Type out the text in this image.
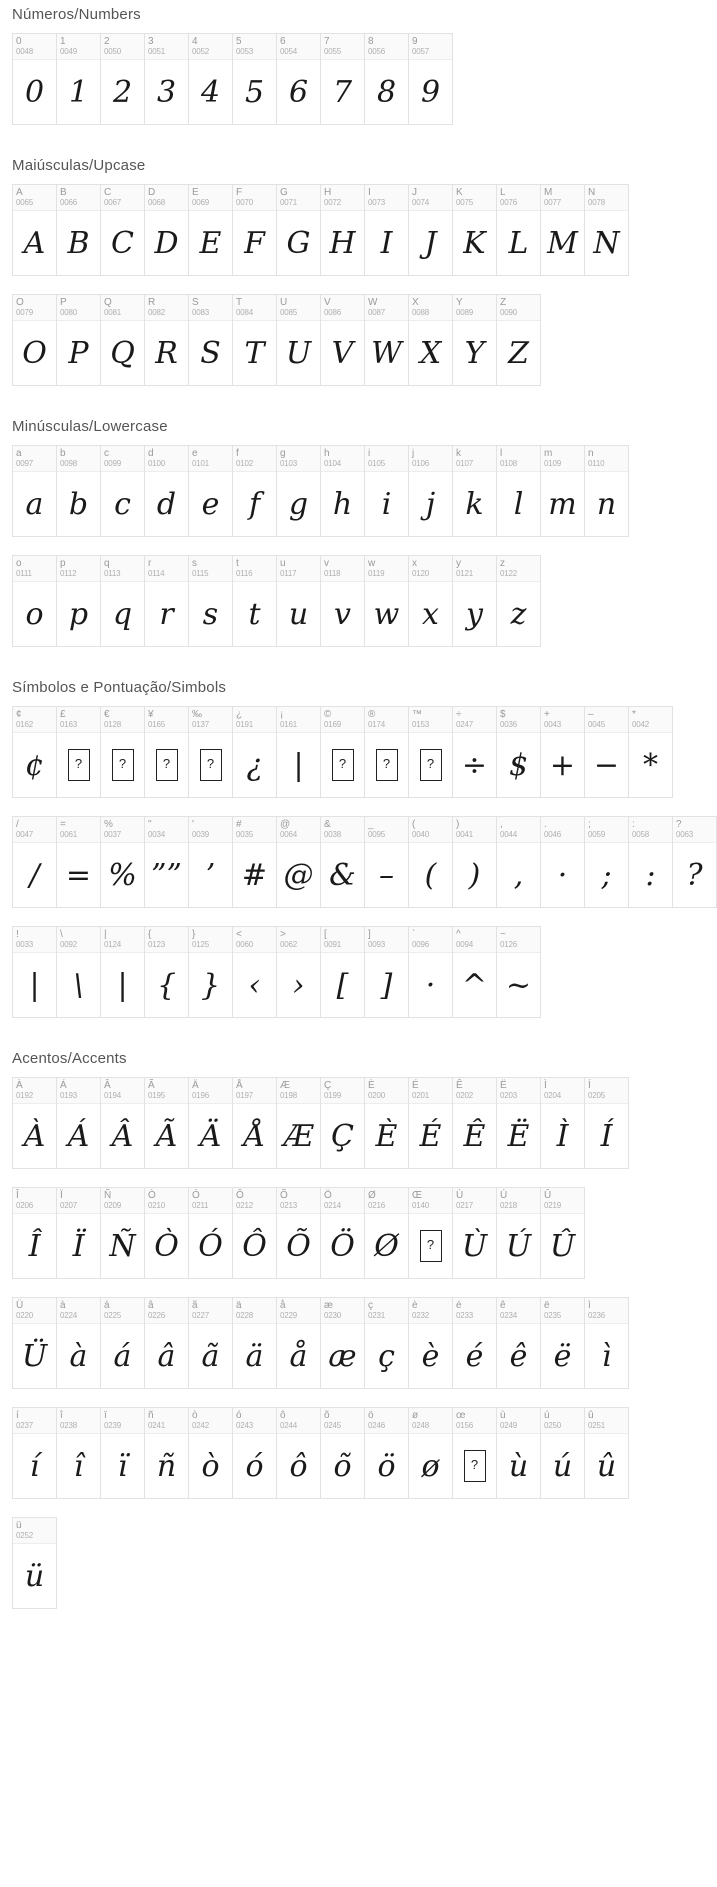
Números/Numbers
0
0048
0
1
0049
1
2
0050
2
3
0051
3
4
0052
4
5
0053
5
6
0054
6
7
0055
7
8
0056
8
9
0057
9
Maiúsculas/Upcase
A
0065
A
B
0066
B
C
0067
C
D
0068
D
E
0069
E
F
0070
F
G
0071
G
H
0072
H
I
0073
I
J
0074
J
K
0075
K
L
0076
L
M
0077
M
N
0078
N
O
0079
O
P
0080
P
Q
0081
Q
R
0082
R
S
0083
S
T
0084
T
U
0085
U
V
0086
V
W
0087
W
X
0088
X
Y
0089
Y
Z
0090
Z
Minúsculas/Lowercase
a
0097
a
b
0098
b
c
0099
c
d
0100
d
e
0101
e
f
0102
f
g
0103
g
h
0104
h
i
0105
i
j
0106
j
k
0107
k
l
0108
l
m
0109
m
n
0110
n
o
0111
o
p
0112
p
q
0113
q
r
0114
r
s
0115
s
t
0116
t
u
0117
u
v
0118
v
w
0119
w
x
0120
x
y
0121
y
z
0122
z
Símbolos e Pontuação/Simbols
¢
0162
¢
£
0163
?
€
0128
?
¥
0165
?
‰
0137
?
¿
0191
¿
¡
0161
|
©
0169
?
®
0174
?
™
0153
?
÷
0247
÷
$
0036
$
+
0043
+
–
0045
−
*
0042
*
/
0047
/
=
0061
=
%
0037
%
"
0034
””
'
0039
’
#
0035
#
@
0064
@
&
0038
&
_
0095
–
(
0040
(
)
0041
)
,
0044
,
.
0046
·
;
0059
;
:
0058
:
?
0063
?
!
0033
|
\
0092
\
|
0124
|
{
0123
{
}
0125
}
<
0060
‹
>
0062
›
[
0091
[
]
0093
]
`
0096
·
^
0094
^
~
0126
~
Acentos/Accents
À
0192
À
Á
0193
Á
Â
0194
Â
Ã
0195
Ã
Ä
0196
Ä
Å
0197
Å
Æ
0198
Æ
Ç
0199
Ç
È
0200
È
É
0201
É
Ê
0202
Ê
Ë
0203
Ë
Ì
0204
Ì
Í
0205
Í
Î
0206
Î
Ï
0207
Ï
Ñ
0209
Ñ
Ò
0210
Ò
Ó
0211
Ó
Ô
0212
Ô
Õ
0213
Õ
Ö
0214
Ö
Ø
0216
Ø
Œ
0140
?
Ù
0217
Ù
Ú
0218
Ú
Û
0219
Û
Ü
0220
Ü
à
0224
à
á
0225
á
â
0226
â
ã
0227
ã
ä
0228
ä
å
0229
å
æ
0230
æ
ç
0231
ç
è
0232
è
é
0233
é
ê
0234
ê
ë
0235
ë
ì
0236
ì
í
0237
í
î
0238
î
ï
0239
ï
ñ
0241
ñ
ò
0242
ò
ó
0243
ó
ô
0244
ô
õ
0245
õ
ö
0246
ö
ø
0248
ø
œ
0156
?
ù
0249
ù
ú
0250
ú
û
0251
û
ü
0252
ü
